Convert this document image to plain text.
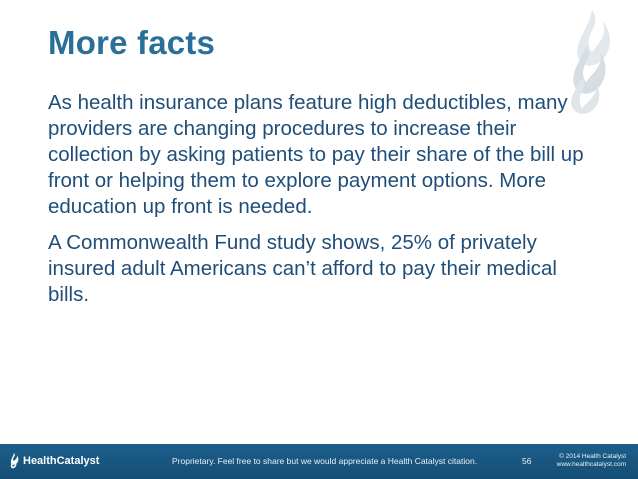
More facts

As health insurance plans feature high deductibles, many providers are changing procedures to increase their collection by asking patients to pay their share of the bill up front or helping them to explore payment options. More education up front is needed.

A Commonwealth Fund study shows, 25% of privately insured adult Americans can’t afford to pay their medical bills.

HealthCatalyst	Proprietary. Feel free to share but we would appreciate a Health Catalyst citation.	56	© 2014 Health Catalyst
www.healthcatalyst.com
